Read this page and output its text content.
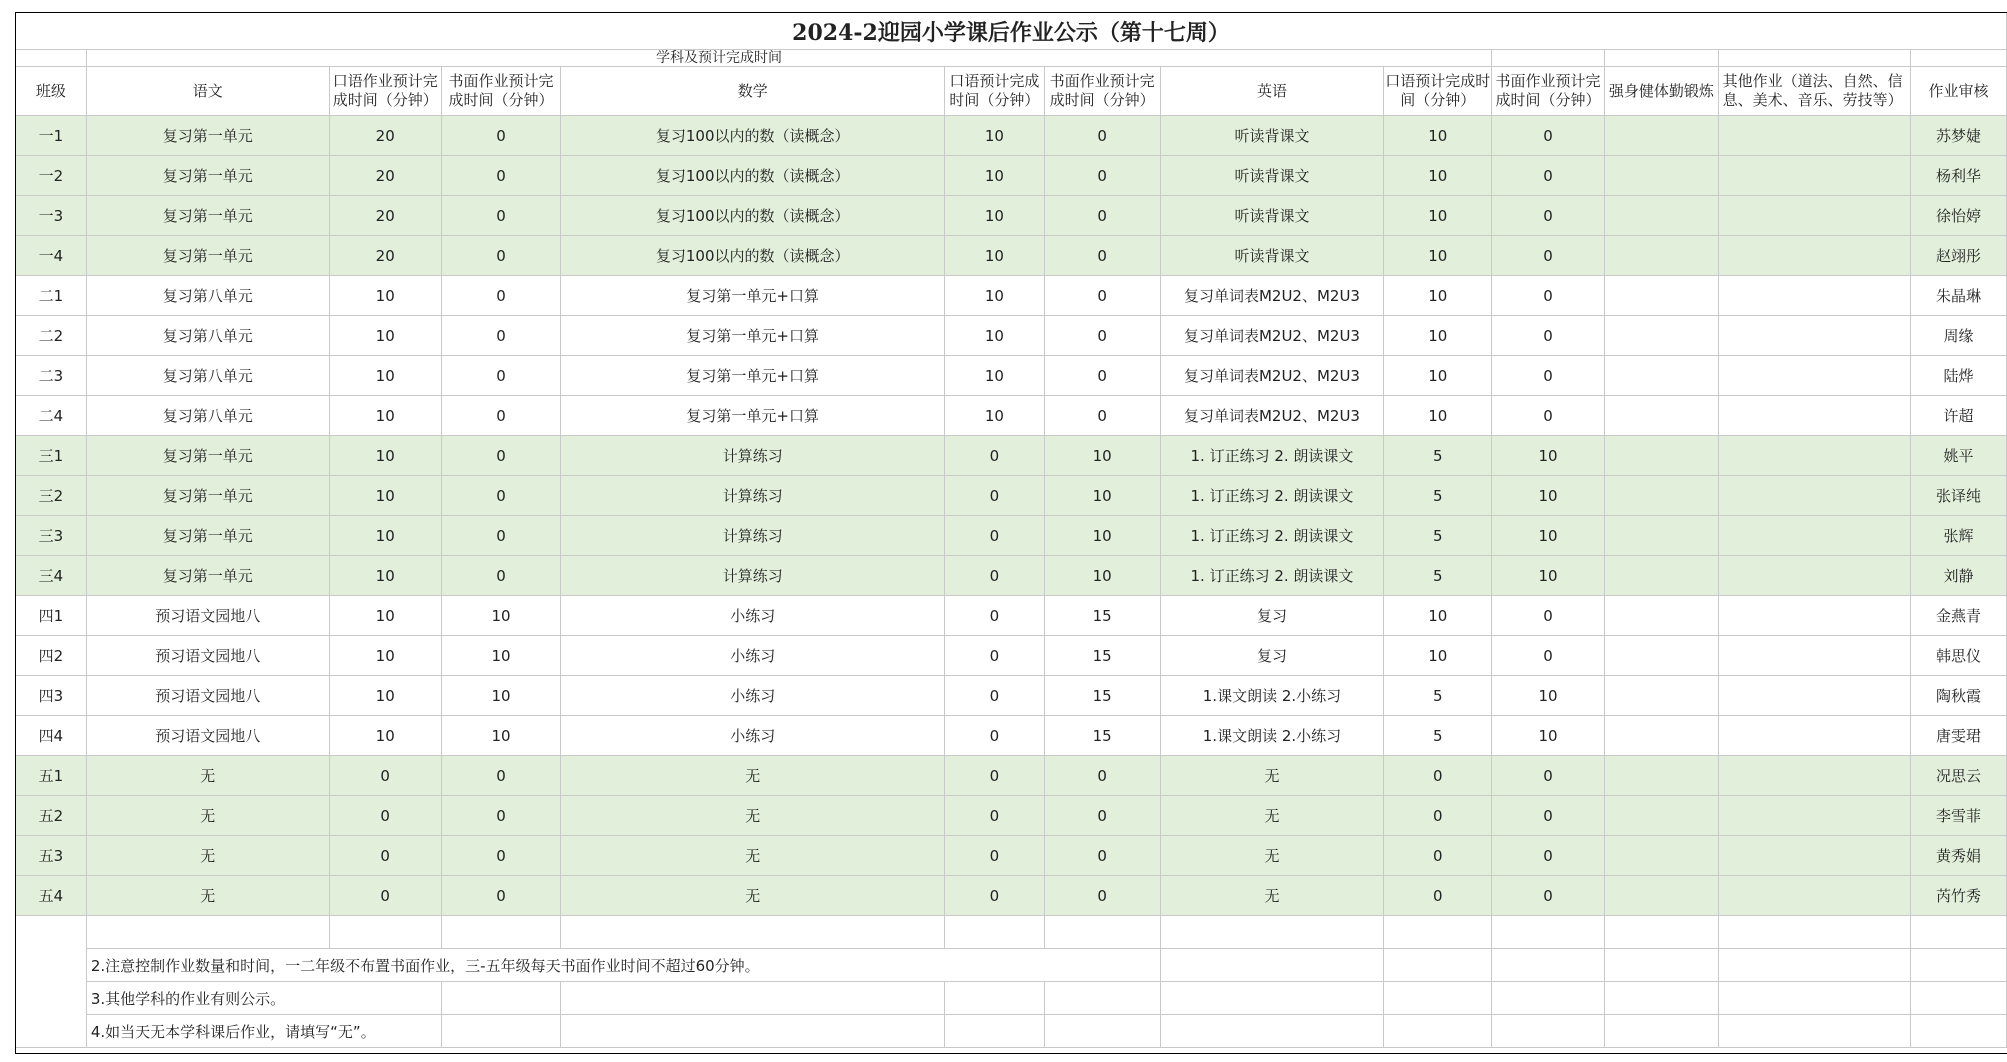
2024-2迎园小学课后作业公示（第十七周）												
	学科及预计完成时间											
班级	语文	口语作业预计完成时间（分钟）	书面作业预计完成时间（分钟）	数学	口语预计完成时间（分钟）	书面作业预计完成时间（分钟）	英语	口语预计完成时间（分钟）	书面作业预计完成时间（分钟）	强身健体勤锻炼	其他作业（道法、自然、信息、美术、音乐、劳技等）	作业审核
一1	复习第一单元	20	0	复习100以内的数（读概念）	10	0	听读背课文	10	0			苏梦婕
一2	复习第一单元	20	0	复习100以内的数（读概念）	10	0	听读背课文	10	0			杨利华
一3	复习第一单元	20	0	复习100以内的数（读概念）	10	0	听读背课文	10	0			徐怡婷
一4	复习第一单元	20	0	复习100以内的数（读概念）	10	0	听读背课文	10	0			赵翊彤
二1	复习第八单元	10	0	复习第一单元+口算	10	0	复习单词表M2U2、M2U3	10	0			朱晶琳
二2	复习第八单元	10	0	复习第一单元+口算	10	0	复习单词表M2U2、M2U3	10	0			周缘
二3	复习第八单元	10	0	复习第一单元+口算	10	0	复习单词表M2U2、M2U3	10	0			陆烨
二4	复习第八单元	10	0	复习第一单元+口算	10	0	复习单词表M2U2、M2U3	10	0			许超
三1	复习第一单元	10	0	计算练习	0	10	1. 订正练习 2. 朗读课文	5	10			姚平
三2	复习第一单元	10	0	计算练习	0	10	1. 订正练习 2. 朗读课文	5	10			张译纯
三3	复习第一单元	10	0	计算练习	0	10	1. 订正练习 2. 朗读课文	5	10			张辉
三4	复习第一单元	10	0	计算练习	0	10	1. 订正练习 2. 朗读课文	5	10			刘静
四1	预习语文园地八	10	10	小练习	0	15	复习	10	0			金燕青
四2	预习语文园地八	10	10	小练习	0	15	复习	10	0			韩思仪
四3	预习语文园地八	10	10	小练习	0	15	1.课文朗读 2.小练习	5	10			陶秋霞
四4	预习语文园地八	10	10	小练习	0	15	1.课文朗读 2.小练习	5	10			唐雯珺
五1	无	0	0	无	0	0	无	0	0			况思云
五2	无	0	0	无	0	0	无	0	0			李雪菲
五3	无	0	0	无	0	0	无	0	0			黄秀娟
五4	无	0	0	无	0	0	无	0	0			芮竹秀

	2.注意控制作业数量和时间，一二年级不布置书面作业，三-五年级每天书面作业时间不超过60分钟。											
	3.其他学科的作业有则公示。											
	4.如当天无本学科课后作业，请填写“无”。											
